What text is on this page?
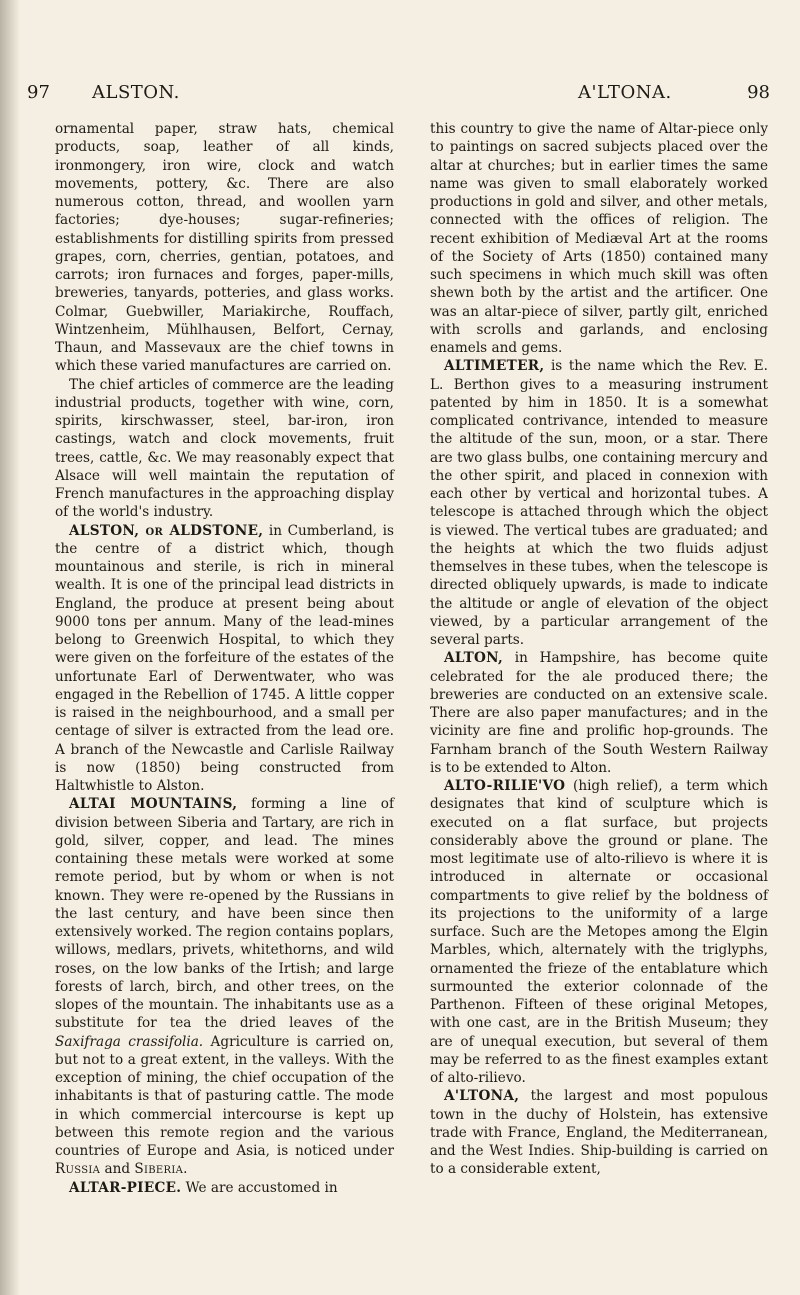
97 ALSTON.	A'LTONA.	98

ornamental paper, straw hats, chemical products, soap, leather of all kinds, ironmongery, iron wire, clock and watch movements, pottery, &c. There are also numerous cotton, thread, and woollen yarn factories; dye-houses; sugar-refineries; establishments for distilling spirits from pressed grapes, corn, cherries, gentian, potatoes, and carrots; iron furnaces and forges, paper-mills, breweries, tanyards, potteries, and glass works. Colmar, Guebwiller, Mariakirche, Rouffach, Wintzenheim, Mühlhausen, Belfort, Cernay, Thaun, and Massevaux are the chief towns in which these varied manufactures are carried on.

The chief articles of commerce are the leading industrial products, together with wine, corn, spirits, kirschwasser, steel, bar-iron, iron castings, watch and clock movements, fruit trees, cattle, &c. We may reasonably expect that Alsace will well maintain the reputation of French manufactures in the approaching display of the world's industry.

ALSTON, or ALDSTONE, in Cumberland, is the centre of a district which, though mountainous and sterile, is rich in mineral wealth. It is one of the principal lead districts in England, the produce at present being about 9000 tons per annum. Many of the lead-mines belong to Greenwich Hospital, to which they were given on the forfeiture of the estates of the unfortunate Earl of Derwentwater, who was engaged in the Rebellion of 1745. A little copper is raised in the neighbourhood, and a small per centage of silver is extracted from the lead ore. A branch of the Newcastle and Carlisle Railway is now (1850) being constructed from Haltwhistle to Alston.

ALTAI MOUNTAINS, forming a line of division between Siberia and Tartary, are rich in gold, silver, copper, and lead. The mines containing these metals were worked at some remote period, but by whom or when is not known. They were re-opened by the Russians in the last century, and have been since then extensively worked. The region contains poplars, willows, medlars, privets, whitethorns, and wild roses, on the low banks of the Irtish; and large forests of larch, birch, and other trees, on the slopes of the mountain. The inhabitants use as a substitute for tea the dried leaves of the Saxifraga crassifolia. Agriculture is carried on, but not to a great extent, in the valleys. With the exception of mining, the chief occupation of the inhabitants is that of pasturing cattle. The mode in which commercial intercourse is kept up between this remote region and the various countries of Europe and Asia, is noticed under Russia and Siberia.

ALTAR-PIECE. We are accustomed in

this country to give the name of Altar-piece only to paintings on sacred subjects placed over the altar at churches; but in earlier times the same name was given to small elaborately worked productions in gold and silver, and other metals, connected with the offices of religion. The recent exhibition of Mediæval Art at the rooms of the Society of Arts (1850) contained many such specimens in which much skill was often shewn both by the artist and the artificer. One was an altar-piece of silver, partly gilt, enriched with scrolls and garlands, and enclosing enamels and gems.

ALTIMETER, is the name which the Rev. E. L. Berthon gives to a measuring instrument patented by him in 1850. It is a somewhat complicated contrivance, intended to measure the altitude of the sun, moon, or a star. There are two glass bulbs, one containing mercury and the other spirit, and placed in connexion with each other by vertical and horizontal tubes. A telescope is attached through which the object is viewed. The vertical tubes are graduated; and the heights at which the two fluids adjust themselves in these tubes, when the telescope is directed obliquely upwards, is made to indicate the altitude or angle of elevation of the object viewed, by a particular arrangement of the several parts.

ALTON, in Hampshire, has become quite celebrated for the ale produced there; the breweries are conducted on an extensive scale. There are also paper manufactures; and in the vicinity are fine and prolific hop-grounds. The Farnham branch of the South Western Railway is to be extended to Alton.

ALTO-RILIE'VO (high relief), a term which designates that kind of sculpture which is executed on a flat surface, but projects considerably above the ground or plane. The most legitimate use of alto-rilievo is where it is introduced in alternate or occasional compartments to give relief by the boldness of its projections to the uniformity of a large surface. Such are the Metopes among the Elgin Marbles, which, alternately with the triglyphs, ornamented the frieze of the entablature which surmounted the exterior colonnade of the Parthenon. Fifteen of these original Metopes, with one cast, are in the British Museum; they are of unequal execution, but several of them may be referred to as the finest examples extant of alto-rilievo.

A'LTONA, the largest and most populous town in the duchy of Holstein, has extensive trade with France, England, the Mediterranean, and the West Indies. Ship-building is carried on to a considerable extent,
